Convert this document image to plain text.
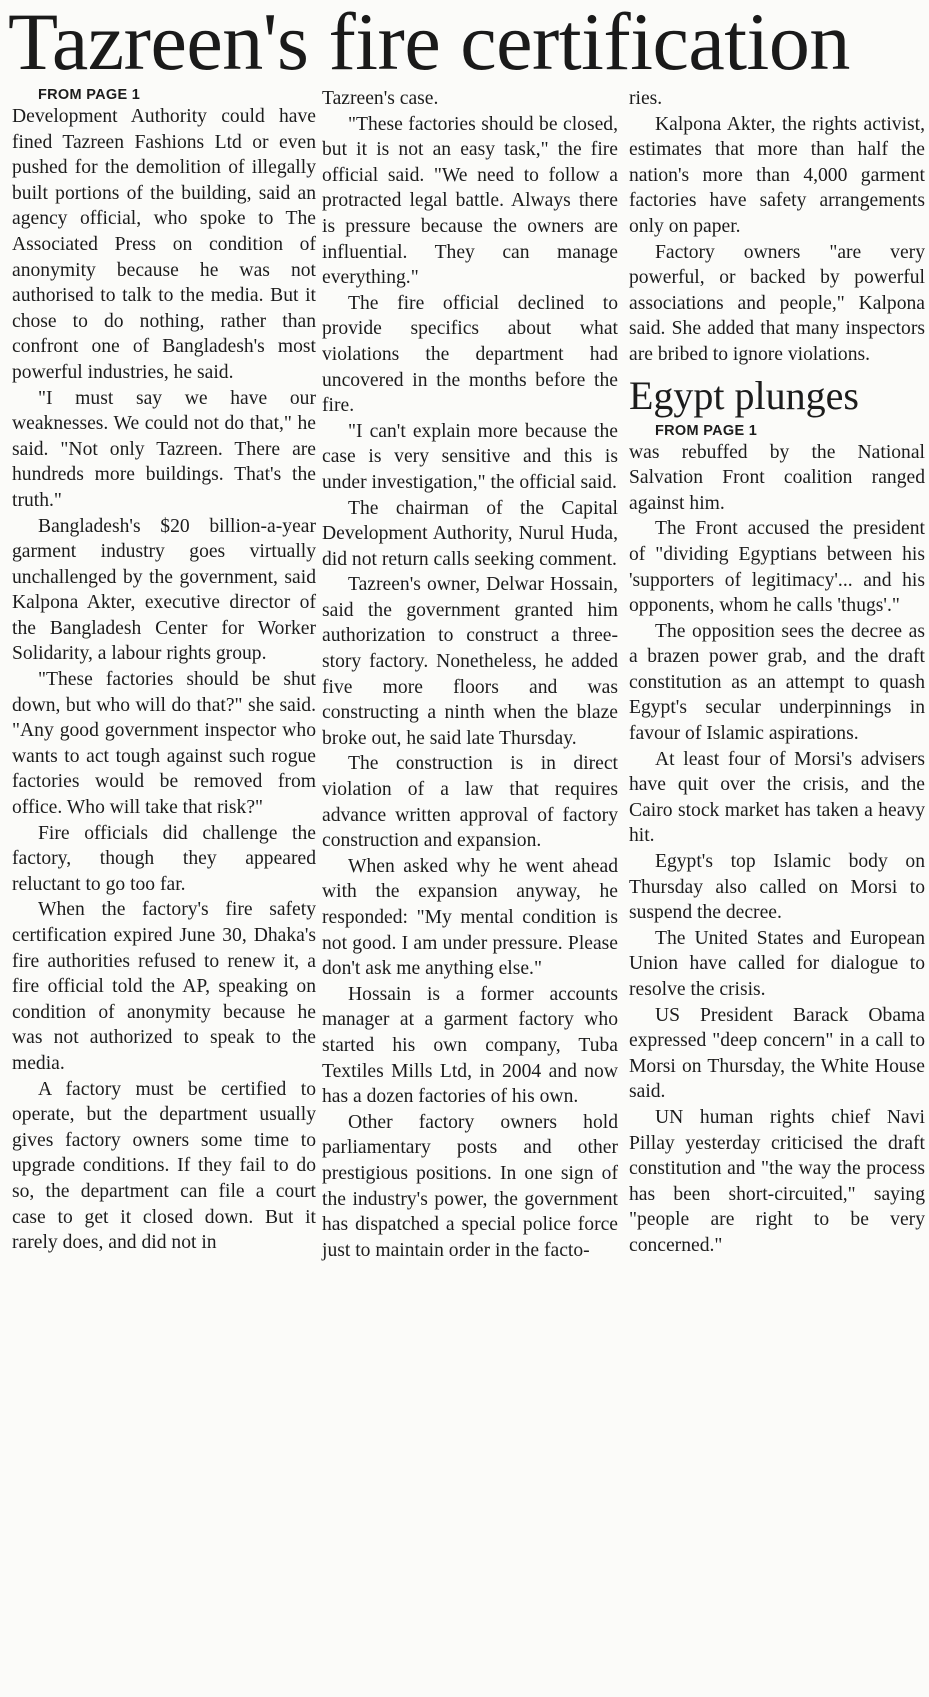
Tazreen's fire certification

FROM PAGE 1

Development Authority could have fined Tazreen Fashions Ltd or even pushed for the demolition of illegally built portions of the building, said an agency official, who spoke to The Associated Press on condition of anonymity because he was not authorised to talk to the media. But it chose to do nothing, rather than confront one of Bangladesh's most powerful industries, he said.

"I must say we have our weaknesses. We could not do that," he said. "Not only Tazreen. There are hundreds more buildings. That's the truth."

Bangladesh's $20 billion-a-year garment industry goes virtually unchallenged by the government, said Kalpona Akter, executive director of the Bangladesh Center for Worker Solidarity, a labour rights group.

"These factories should be shut down, but who will do that?" she said. "Any good government inspector who wants to act tough against such rogue factories would be removed from office. Who will take that risk?"

Fire officials did challenge the factory, though they appeared reluctant to go too far.

When the factory's fire safety certification expired June 30, Dhaka's fire authorities refused to renew it, a fire official told the AP, speaking on condition of anonymity because he was not authorized to speak to the media.

A factory must be certified to operate, but the department usually gives factory owners some time to upgrade conditions. If they fail to do so, the department can file a court case to get it closed down. But it rarely does, and did not in

Tazreen's case.

"These factories should be closed, but it is not an easy task," the fire official said. "We need to follow a protracted legal battle. Always there is pressure because the owners are influential. They can manage everything."

The fire official declined to provide specifics about what violations the department had uncovered in the months before the fire.

"I can't explain more because the case is very sensitive and this is under investigation," the official said.

The chairman of the Capital Development Authority, Nurul Huda, did not return calls seeking comment.

Tazreen's owner, Delwar Hossain, said the government granted him authorization to construct a three-story factory. Nonetheless, he added five more floors and was constructing a ninth when the blaze broke out, he said late Thursday.

The construction is in direct violation of a law that requires advance written approval of factory construction and expansion.

When asked why he went ahead with the expansion anyway, he responded: "My mental condition is not good. I am under pressure. Please don't ask me anything else."

Hossain is a former accounts manager at a garment factory who started his own company, Tuba Textiles Mills Ltd, in 2004 and now has a dozen factories of his own.

Other factory owners hold parliamentary posts and other prestigious positions. In one sign of the industry's power, the government has dispatched a special police force just to maintain order in the facto-

ries.

Kalpona Akter, the rights activist, estimates that more than half the nation's more than 4,000 garment factories have safety arrangements only on paper.

Factory owners "are very powerful, or backed by powerful associations and people," Kalpona said. She added that many inspectors are bribed to ignore violations.

Egypt plunges

FROM PAGE 1

was rebuffed by the National Salvation Front coalition ranged against him.

The Front accused the president of "dividing Egyptians between his 'supporters of legitimacy'... and his opponents, whom he calls 'thugs'."

The opposition sees the decree as a brazen power grab, and the draft constitution as an attempt to quash Egypt's secular underpinnings in favour of Islamic aspirations.

At least four of Morsi's advisers have quit over the crisis, and the Cairo stock market has taken a heavy hit.

Egypt's top Islamic body on Thursday also called on Morsi to suspend the decree.

The United States and European Union have called for dialogue to resolve the crisis.

US President Barack Obama expressed "deep concern" in a call to Morsi on Thursday, the White House said.

UN human rights chief Navi Pillay yesterday criticised the draft constitution and "the way the process has been short-circuited," saying "people are right to be very concerned."
